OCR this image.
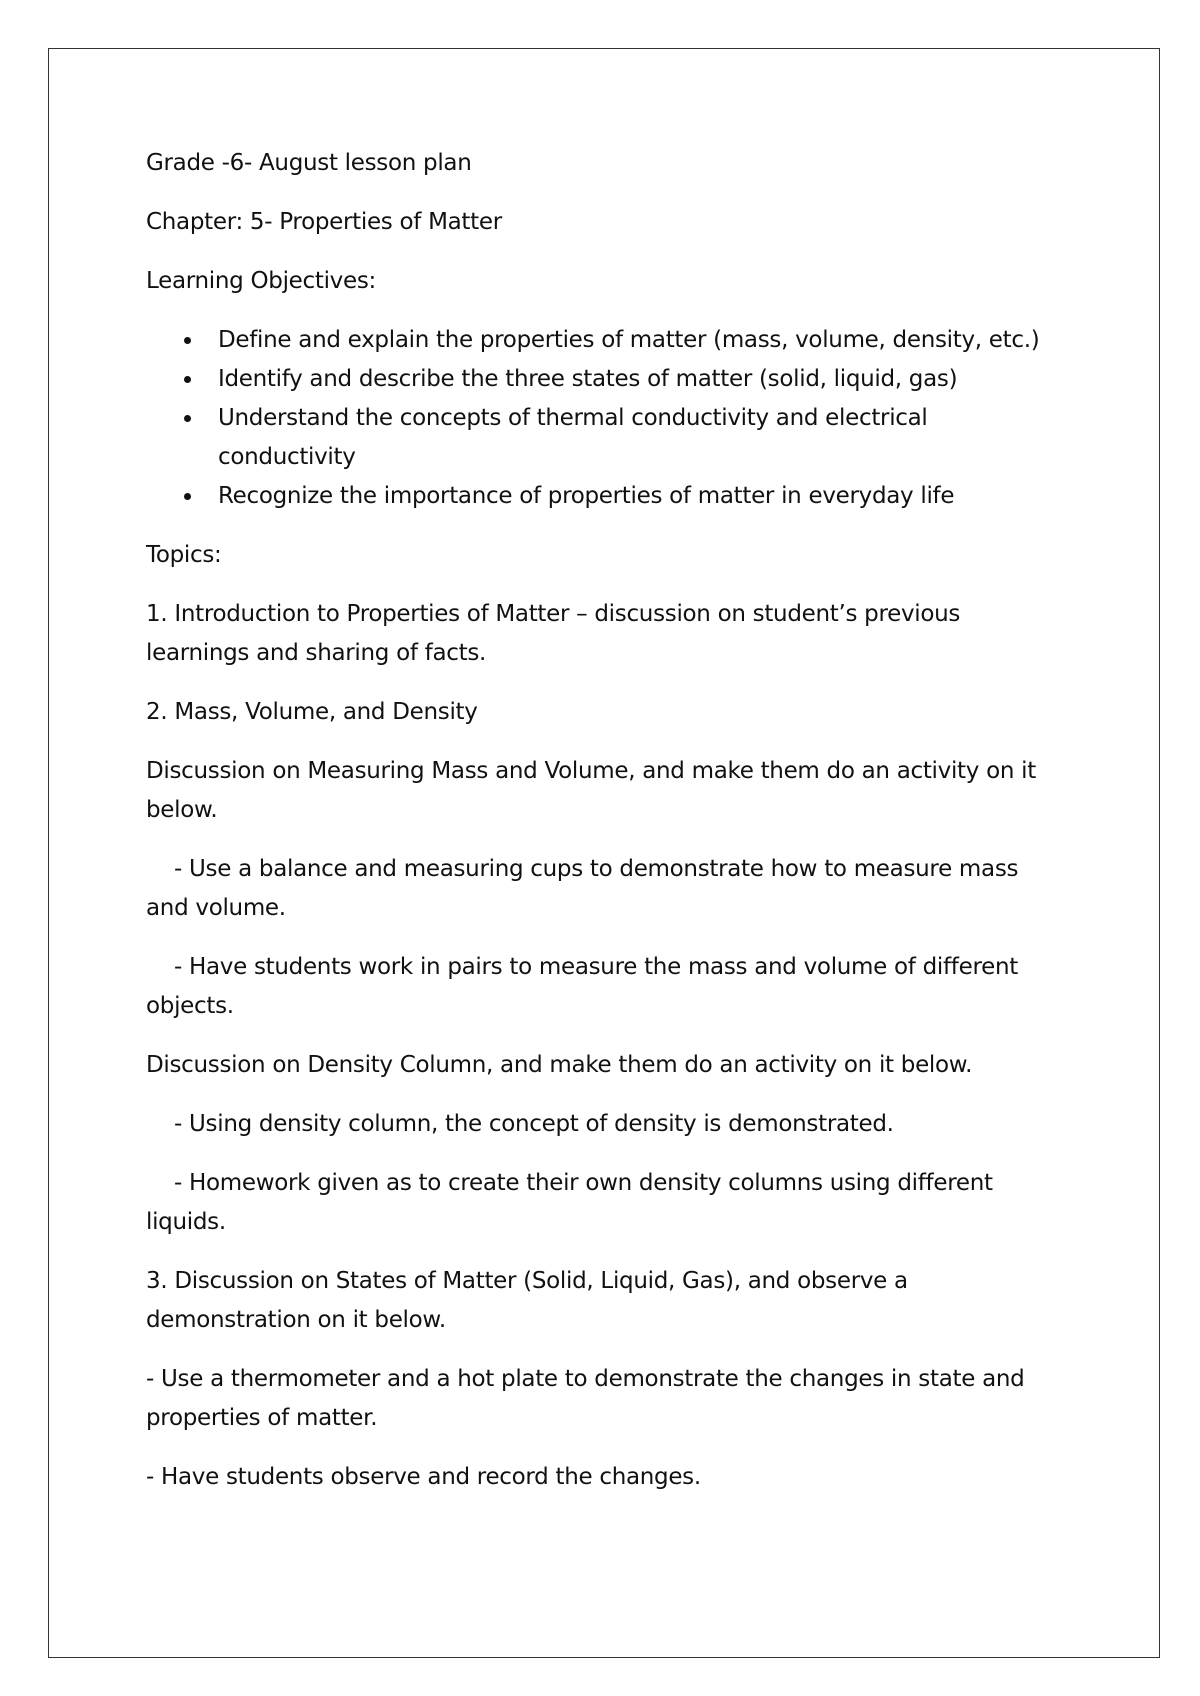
Grade -6- August lesson plan

Chapter: 5- Properties of Matter

Learning Objectives:

Define and explain the properties of matter (mass, volume, density, etc.)
Identify and describe the three states of matter (solid, liquid, gas)
Understand the concepts of thermal conductivity and electrical conductivity
Recognize the importance of properties of matter in everyday life

Topics:

1. Introduction to Properties of Matter – discussion on student’s previous learnings and sharing of facts.

2. Mass, Volume, and Density

Discussion on Measuring Mass and Volume, and make them do an activity on it below.

- Use a balance and measuring cups to demonstrate how to measure mass and volume.

- Have students work in pairs to measure the mass and volume of different objects.

Discussion on Density Column, and make them do an activity on it below.

- Using density column, the concept of density is demonstrated.

- Homework given as to create their own density columns using different liquids.

3. Discussion on States of Matter (Solid, Liquid, Gas), and observe a demonstration on it below.

- Use a thermometer and a hot plate to demonstrate the changes in state and properties of matter.

- Have students observe and record the changes.
